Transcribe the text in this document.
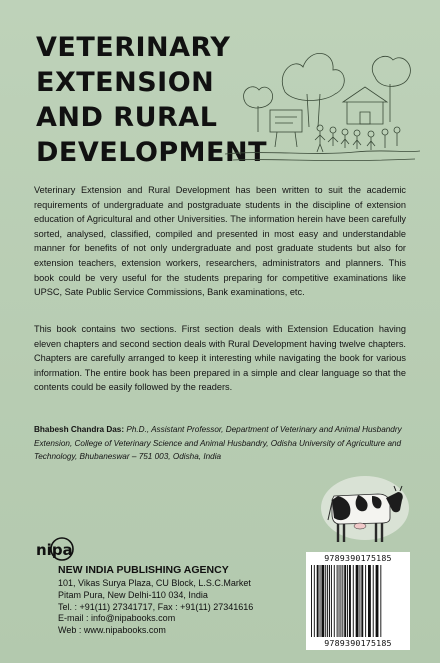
VETERINARY
EXTENSION
AND RURAL
DEVELOPMENT
Veterinary Extension and Rural Development has been written to suit the academic requirements of undergraduate and postgraduate students in the discipline of extension education of Agricultural and other Universities. The information herein have been carefully sorted, analysed, classified, compiled and presented in most easy and understandable manner for benefits of not only undergraduate and post graduate students but also for extension teachers, extension workers, researchers, administrators and planners. This book could be very useful for the students preparing for competitive examinations like UPSC, Sate Public Service Commissions, Bank examinations, etc.
This book contains two sections. First section deals with Extension Education having eleven chapters and second section deals with Rural Development having twelve chapters. Chapters are carefully arranged to keep it interesting while navigating the book for various information. The entire book has been prepared in a simple and clear language so that the contents could be easily followed by the readers.
Bhabesh Chandra Das: Ph.D., Assistant Professor, Department of Veterinary and Animal Husbandry Extension, College of Veterinary Science and Animal Husbandry, Odisha University of Agriculture and Technology, Bhubaneswar – 751 003, Odisha, India
nipa
NEW INDIA PUBLISHING AGENCY
101, Vikas Surya Plaza, CU Block, L.S.C.Market
Pitam Pura, New Delhi-110 034, India
Tel. : +91(11) 27341717, Fax : +91(11) 27341616
E-mail : info@nipabooks.com
Web : www.nipabooks.com
9789390175185
9789390175185
